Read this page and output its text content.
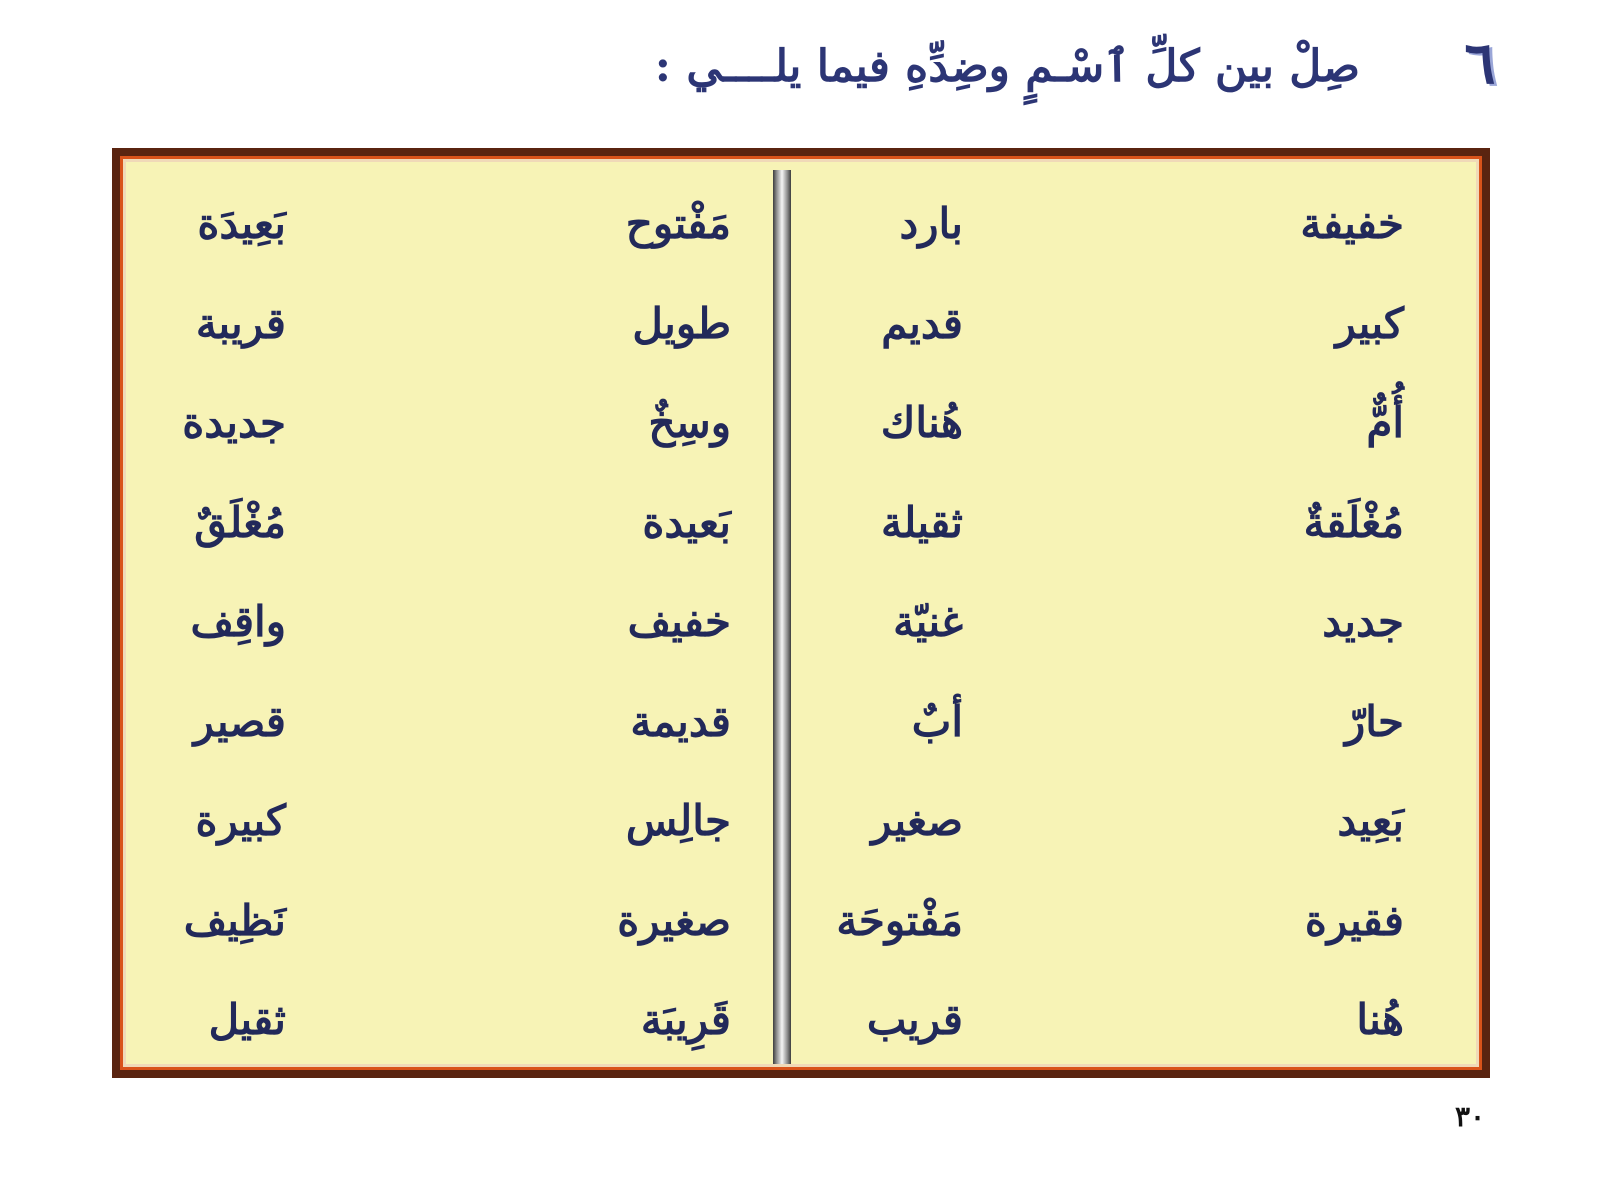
٦
صِلْ بين كلِّ ٱسْـمٍ وضِدِّهِ فيما يلــــي :
خفيفة
كبير
أُمٌّ
مُغْلَقةٌ
جديد
حارّ
بَعِيد
فقيرة
هُنا
بارد
قديم
هُناك
ثقيلة
غنيّة
أبٌ
صغير
مَفْتوحَة
قريب
مَفْتوح
طويل
وسِخٌ
بَعيدة
خفيف
قديمة
جالِس
صغيرة
قَرِيبَة
بَعِيدَة
قريبة
جديدة
مُغْلَقٌ
واقِف
قصير
كبيرة
نَظِيف
ثقيل
٣٠
